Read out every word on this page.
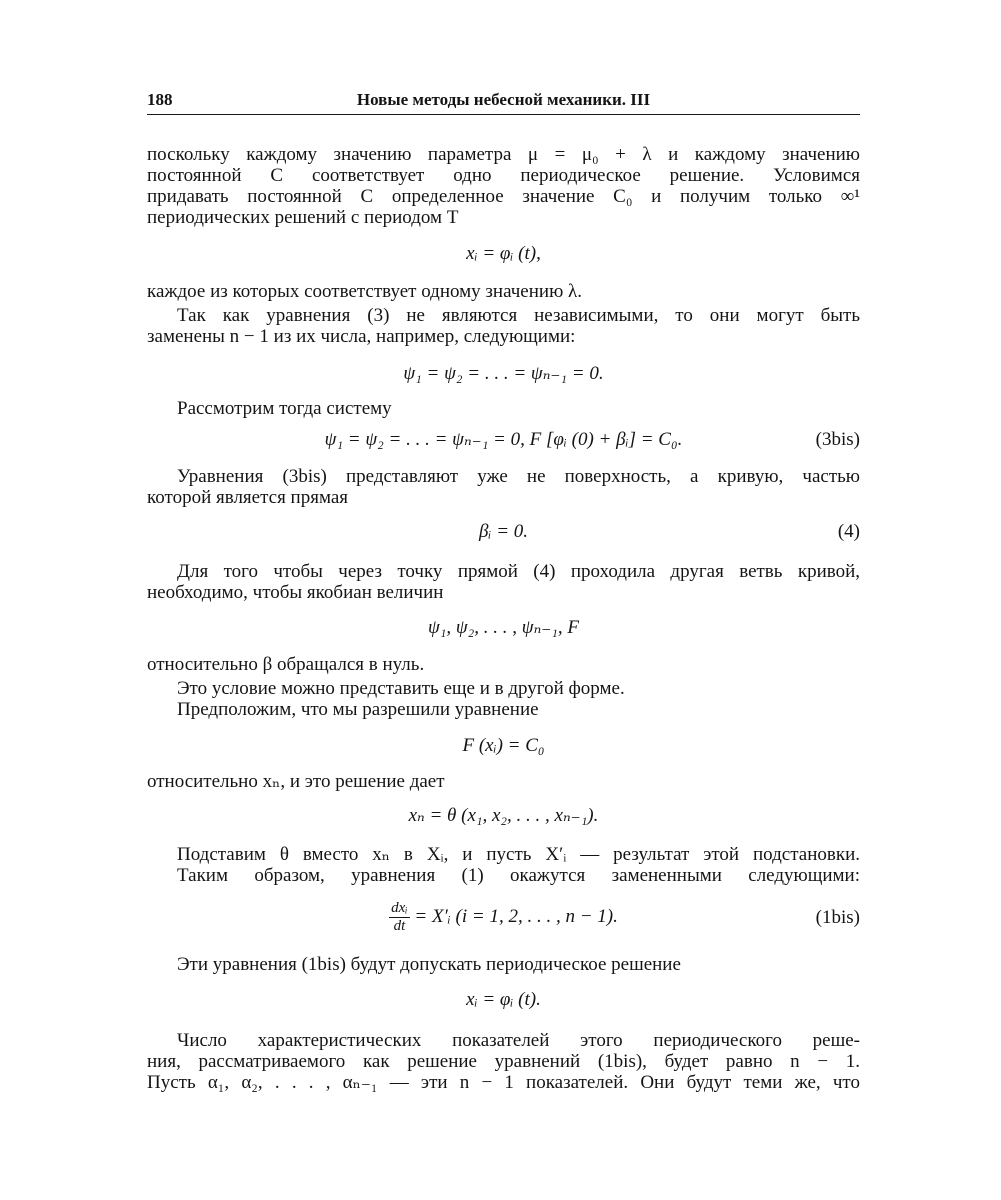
188	Новые методы небесной механики. III
поскольку каждому значению параметра μ = μ₀ + λ и каждому значению
постоянной C соответствует одно периодическое решение. Условимся
придавать постоянной C определенное значение C₀ и получим только ∞¹
периодических решений с периодом T
xᵢ = φᵢ (t),
каждое из которых соответствует одному значению λ.
Так как уравнения (3) не являются независимыми, то они могут быть
заменены n − 1 из их числа, например, следующими:
ψ₁ = ψ₂ = . . . = ψₙ₋₁ = 0.
Рассмотрим тогда систему
ψ₁ = ψ₂ = . . . = ψₙ₋₁ = 0, F [φᵢ (0) + βᵢ] = C₀.	(3bis)
Уравнения (3bis) представляют уже не поверхность, а кривую, частью
которой является прямая
βᵢ = 0.	(4)
Для того чтобы через точку прямой (4) проходила другая ветвь кривой,
необходимо, чтобы якобиан величин
ψ₁, ψ₂, . . . , ψₙ₋₁, F
относительно β обращался в нуль.
Это условие можно представить еще и в другой форме.
Предположим, что мы разрешили уравнение
F (xᵢ) = C₀
относительно xₙ, и это решение дает
xₙ = θ (x₁, x₂, . . . , xₙ₋₁).
Подставим θ вместо xₙ в Xᵢ, и пусть X′ᵢ — результат этой подстановки.
Таким образом, уравнения (1) окажутся замененными следующими:
$\frac{\text{dxᵢ}}{dt}$ = X′ᵢ (i = 1, 2, . . . , n − 1).	(1bis)
Эти уравнения (1bis) будут допускать периодическое решение
xᵢ = φᵢ (t).
Число характеристических показателей этого периодического реше-
ния, рассматриваемого как решение уравнений (1bis), будет равно n − 1.
Пусть α₁, α₂, . . . , αₙ₋₁ — эти n − 1 показателей. Они будут теми же, что
